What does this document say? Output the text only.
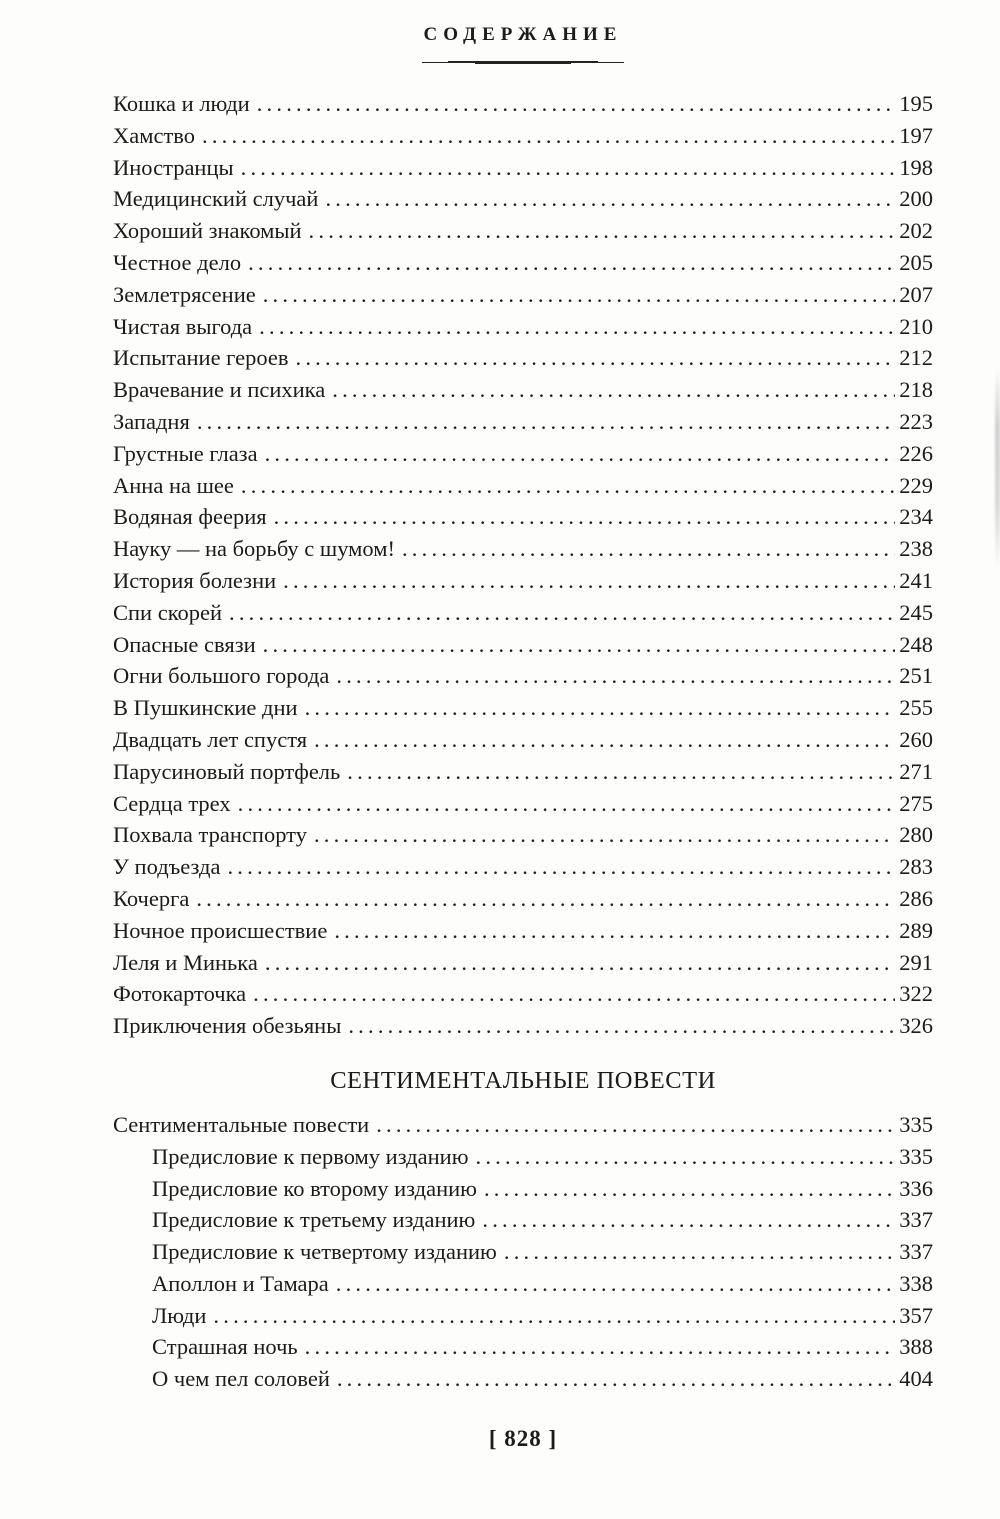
СОДЕРЖАНИЕ
Кошка и люди .....	195
Хамство .....	197
Иностранцы .....	198
Медицинский случай .....	200
Хороший знакомый .....	202
Честное дело .....	205
Землетрясение .....	207
Чистая выгода .....	210
Испытание героев .....	212
Врачевание и психика .....	218
Западня .....	223
Грустные глаза .....	226
Анна на шее .....	229
Водяная феерия .....	234
Науку — на борьбу с шумом! .....	238
История болезни .....	241
Спи скорей .....	245
Опасные связи .....	248
Огни большого города .....	251
В Пушкинские дни .....	255
Двадцать лет спустя .....	260
Парусиновый портфель .....	271
Сердца трех .....	275
Похвала транспорту .....	280
У подъезда .....	283
Кочерга .....	286
Ночное происшествие .....	289
Леля и Минька .....	291
Фотокарточка .....	322
Приключения обезьяны .....	326
СЕНТИМЕНТАЛЬНЫЕ ПОВЕСТИ
Сентиментальные повести .....	335
Предисловие к первому изданию .....	335
Предисловие ко второму изданию .....	336
Предисловие к третьему изданию .....	337
Предисловие к четвертому изданию .....	337
Аполлон и Тамара .....	338
Люди .....	357
Страшная ночь .....	388
О чем пел соловей .....	404
[ 828 ]
